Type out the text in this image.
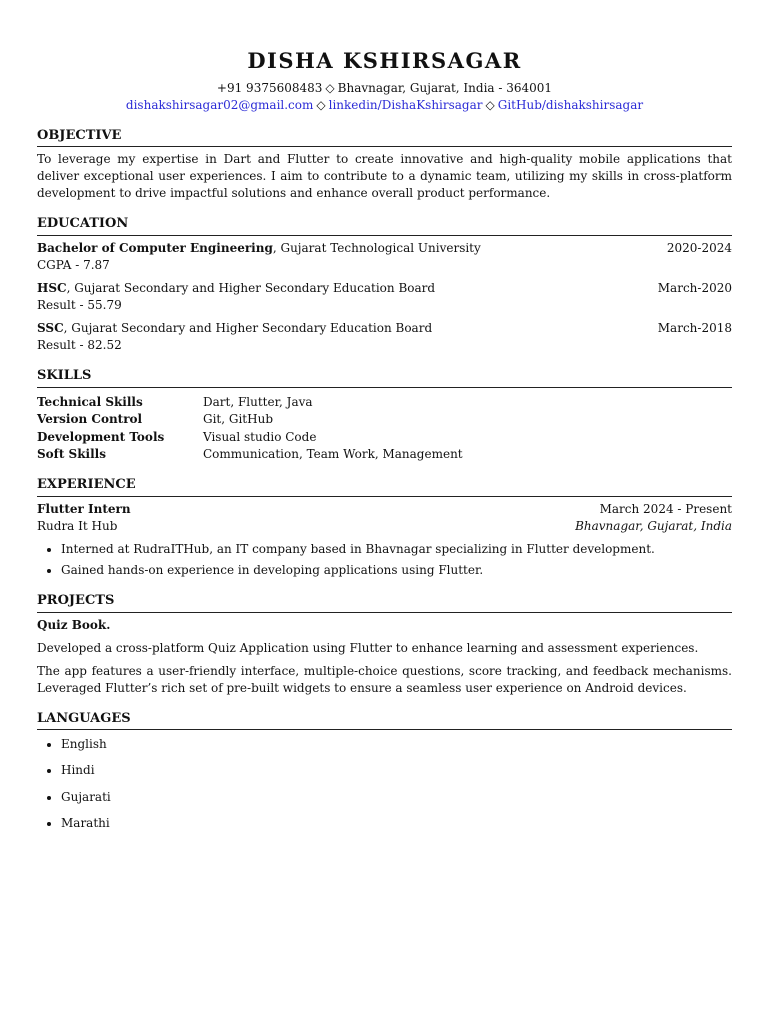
DISHA KSHIRSAGAR
+91 9375608483 ◇ Bhavnagar, Gujarat, India - 364001
dishakshirsagar02@gmail.com ◇ linkedin/DishaKshirsagar ◇ GitHub/dishakshirsagar
OBJECTIVE
To leverage my expertise in Dart and Flutter to create innovative and high-quality mobile applications that deliver exceptional user experiences. I aim to contribute to a dynamic team, utilizing my skills in cross-platform development to drive impactful solutions and enhance overall product performance.
EDUCATION
Bachelor of Computer Engineering, Gujarat Technological University	2020-2024
CGPA - 7.87
HSC, Gujarat Secondary and Higher Secondary Education Board	March-2020
Result - 55.79
SSC, Gujarat Secondary and Higher Secondary Education Board	March-2018
Result - 82.52
SKILLS
Technical Skills	Dart, Flutter, Java
Version Control	Git, GitHub
Development Tools	Visual studio Code
Soft Skills	Communication, Team Work, Management
EXPERIENCE
Flutter Intern	March 2024 - Present
Rudra It Hub	Bhavnagar, Gujarat, India
• Interned at RudraITHub, an IT company based in Bhavnagar specializing in Flutter development.
• Gained hands-on experience in developing applications using Flutter.
PROJECTS
Quiz Book.
Developed a cross-platform Quiz Application using Flutter to enhance learning and assessment experiences.
The app features a user-friendly interface, multiple-choice questions, score tracking, and feedback mechanisms. Leveraged Flutter’s rich set of pre-built widgets to ensure a seamless user experience on Android devices.
LANGUAGES
• English
• Hindi
• Gujarati
• Marathi
